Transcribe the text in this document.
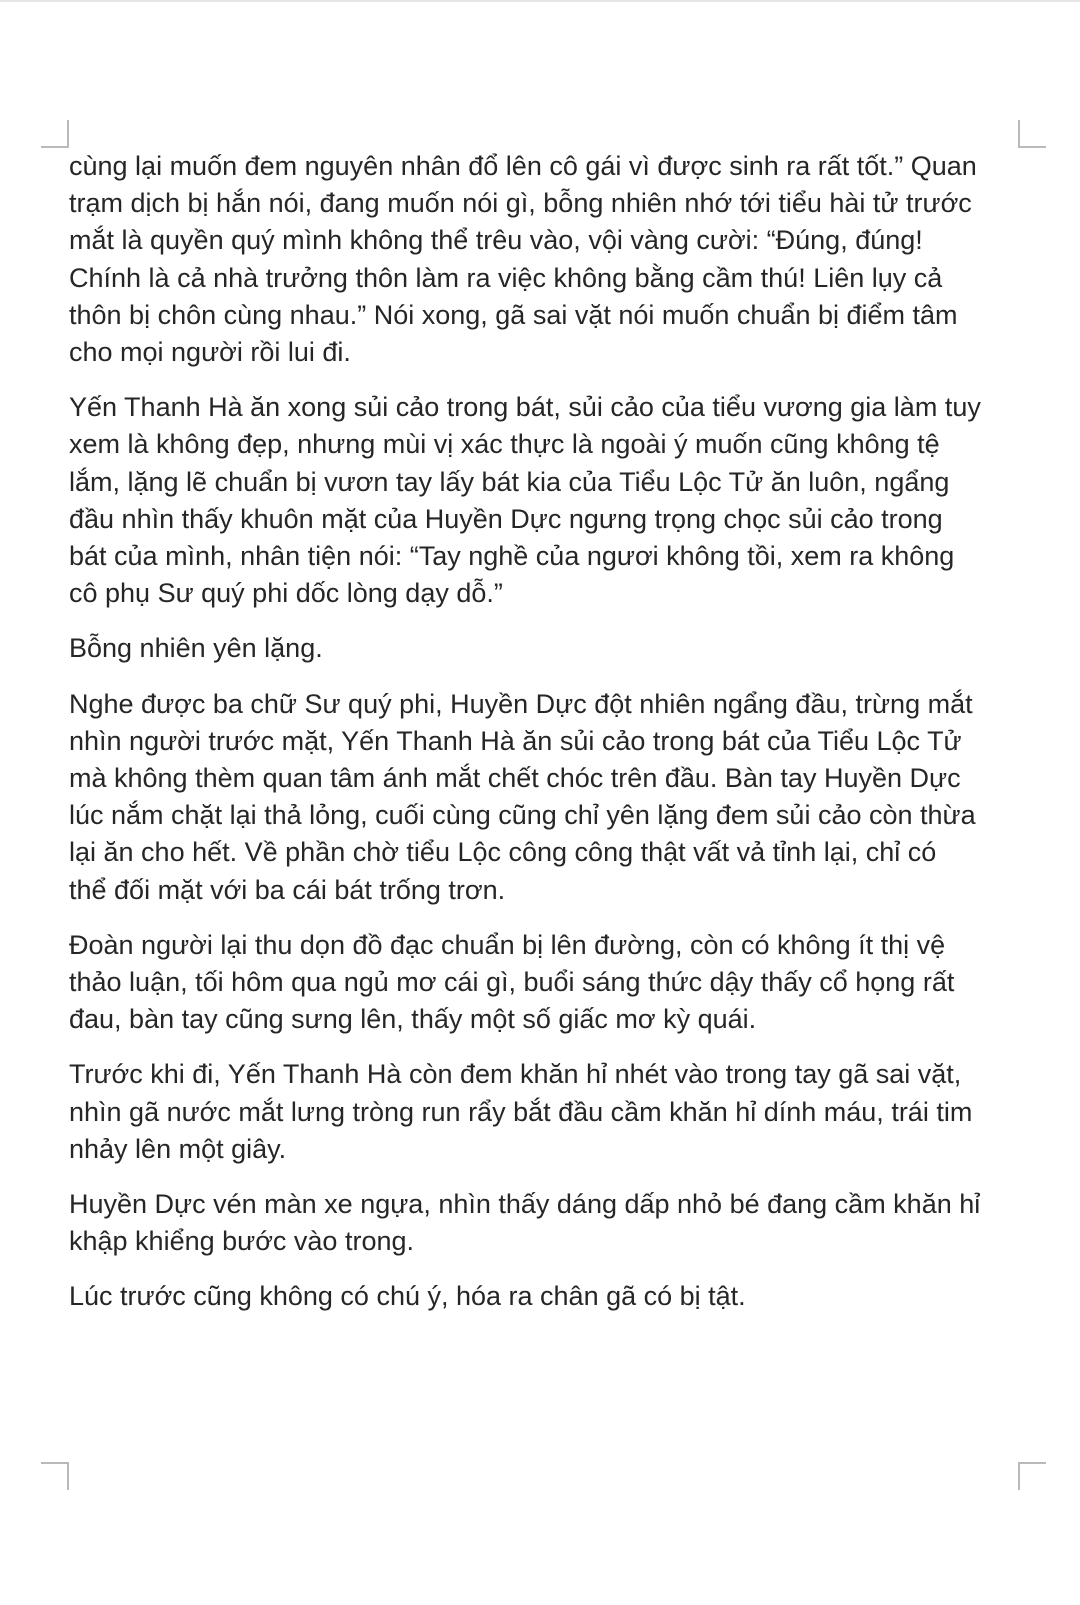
cùng lại muốn đem nguyên nhân đổ lên cô gái vì được sinh ra rất tốt.” Quan
trạm dịch bị hắn nói, đang muốn nói gì, bỗng nhiên nhớ tới tiểu hài tử trước
mắt là quyền quý mình không thể trêu vào, vội vàng cười: “Đúng, đúng!
Chính là cả nhà trưởng thôn làm ra việc không bằng cầm thú! Liên lụy cả
thôn bị chôn cùng nhau.” Nói xong, gã sai vặt nói muốn chuẩn bị điểm tâm
cho mọi người rồi lui đi.

Yến Thanh Hà ăn xong sủi cảo trong bát, sủi cảo của tiểu vương gia làm tuy
xem là không đẹp, nhưng mùi vị xác thực là ngoài ý muốn cũng không tệ
lắm, lặng lẽ chuẩn bị vươn tay lấy bát kia của Tiểu Lộc Tử ăn luôn, ngẩng
đầu nhìn thấy khuôn mặt của Huyền Dực ngưng trọng chọc sủi cảo trong
bát của mình, nhân tiện nói: “Tay nghề của ngươi không tồi, xem ra không
cô phụ Sư quý phi dốc lòng dạy dỗ.”

Bỗng nhiên yên lặng.

Nghe được ba chữ Sư quý phi, Huyền Dực đột nhiên ngẩng đầu, trừng mắt
nhìn người trước mặt, Yến Thanh Hà ăn sủi cảo trong bát của Tiểu Lộc Tử
mà không thèm quan tâm ánh mắt chết chóc trên đầu. Bàn tay Huyền Dực
lúc nắm chặt lại thả lỏng, cuối cùng cũng chỉ yên lặng đem sủi cảo còn thừa
lại ăn cho hết. Về phần chờ tiểu Lộc công công thật vất vả tỉnh lại, chỉ có
thể đối mặt với ba cái bát trống trơn.

Đoàn người lại thu dọn đồ đạc chuẩn bị lên đường, còn có không ít thị vệ
thảo luận, tối hôm qua ngủ mơ cái gì, buổi sáng thức dậy thấy cổ họng rất
đau, bàn tay cũng sưng lên, thấy một số giấc mơ kỳ quái.

Trước khi đi, Yến Thanh Hà còn đem khăn hỉ nhét vào trong tay gã sai vặt,
nhìn gã nước mắt lưng tròng run rẩy bắt đầu cầm khăn hỉ dính máu, trái tim
nhảy lên một giây.

Huyền Dực vén màn xe ngựa, nhìn thấy dáng dấp nhỏ bé đang cầm khăn hỉ
khập khiểng bước vào trong.

Lúc trước cũng không có chú ý, hóa ra chân gã có bị tật.
